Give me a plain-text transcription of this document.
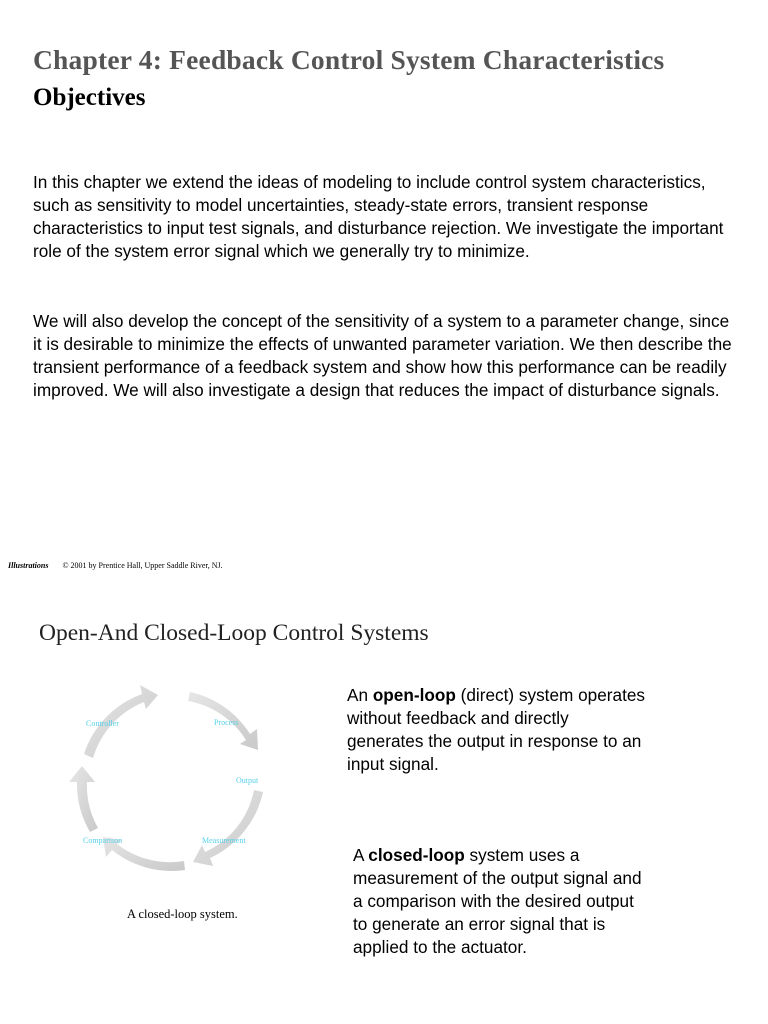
Chapter 4: Feedback Control System Characteristics
Objectives

In this chapter we extend the ideas of modeling to include control system characteristics, such as sensitivity to model uncertainties, steady-state errors, transient response characteristics to input test signals, and disturbance rejection. We investigate the important role of the system error signal which we generally try to minimize.

We will also develop the concept of the sensitivity of a system to a parameter change, since it is desirable to minimize the effects of unwanted parameter variation. We then describe the transient performance of a feedback system and show how this performance can be readily improved. We will also investigate a design that reduces the impact of disturbance signals.

Illustrations © 2001 by Prentice Hall, Upper Saddle River, NJ.
Open-And Closed-Loop Control Systems
Controller	Process
Output
Comparison	Measurement
A closed-loop system.

An open-loop (direct) system operates without feedback and directly generates the output in response to an input signal.

A closed-loop system uses a measurement of the output signal and a comparison with the desired output to generate an error signal that is applied to the actuator.
